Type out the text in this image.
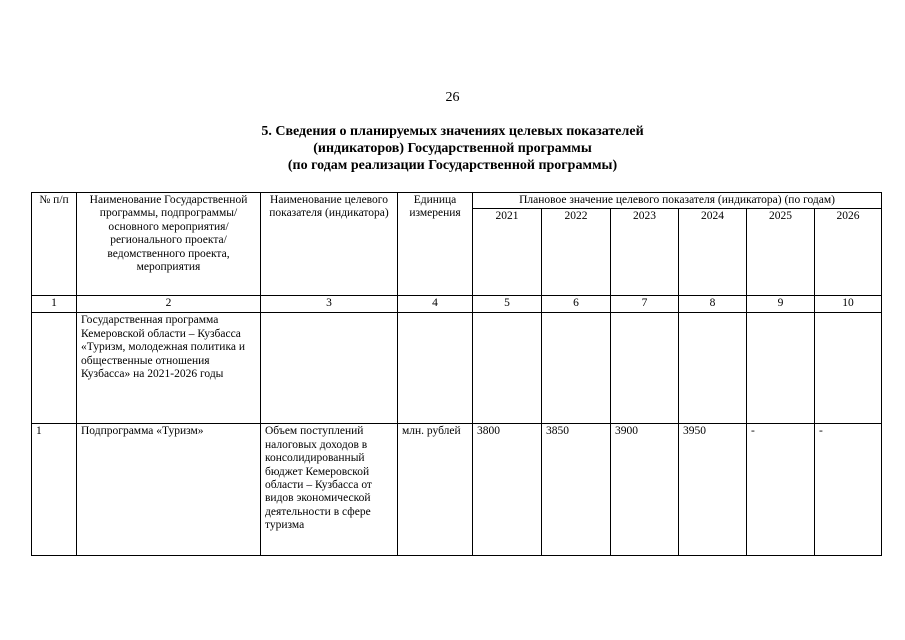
26
5. Сведения о планируемых значениях целевых показателей
(индикаторов) Государственной программы
(по годам реализации Государственной программы)
№ п/п	Наименование Государственной программы, подпрограммы/основного мероприятия/ регионального проекта/ведомственного проекта, мероприятия	Наименование целевого показателя (индикатора)	Единица измерения	Плановое значение целевого показателя (индикатора) (по годам)					
				2021	2022	2023	2024	2025	2026
1	2	3	4	5	6	7	8	9	10
	Государственная программа Кемеровской области – Кузбасса «Туризм, молодежная политика и общественные отношения Кузбасса» на 2021-2026 годы								
1	Подпрограмма «Туризм»	Объем поступлений налоговых доходов в консолидированный бюджет Кемеровской области – Кузбасса от видов экономической деятельности в сфере туризма	млн. рублей	3800	3850	3900	3950	-	-
